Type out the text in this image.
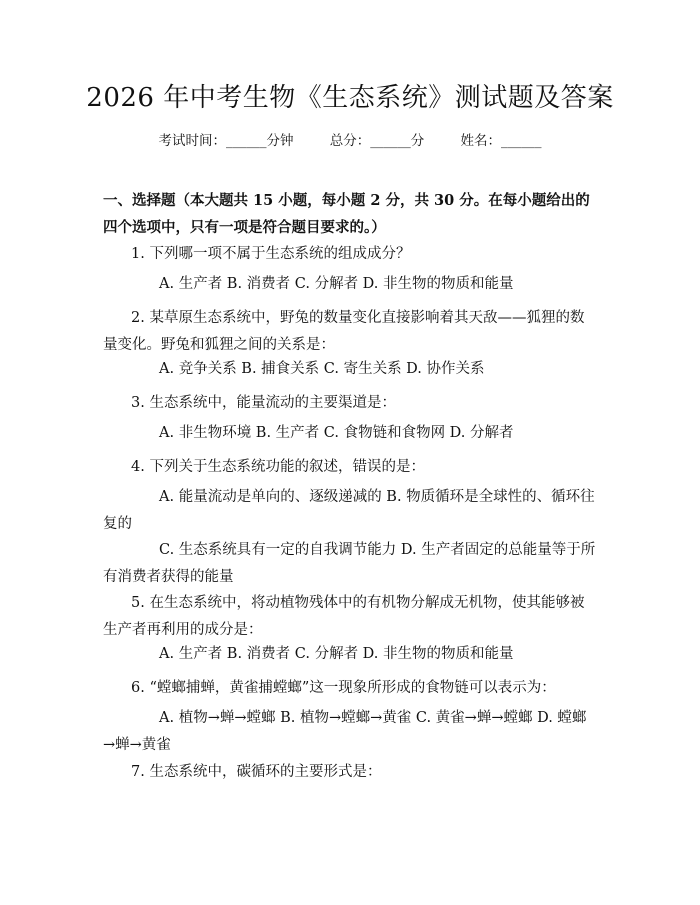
2026 年中考生物《生态系统》测试题及答案
考试时间：______分钟	总分：______分	姓名：______
一、选择题（本大题共 15 小题，每小题 2 分，共 30 分。在每小题给出的四个选项中，只有一项是符合题目要求的。）
1. 下列哪一项不属于生态系统的组成成分？
A. 生产者 B. 消费者 C. 分解者 D. 非生物的物质和能量
2. 某草原生态系统中，野兔的数量变化直接影响着其天敌——狐狸的数量变化。野兔和狐狸之间的关系是：
A. 竞争关系 B. 捕食关系 C. 寄生关系 D. 协作关系
3. 生态系统中，能量流动的主要渠道是：
A. 非生物环境 B. 生产者 C. 食物链和食物网 D. 分解者
4. 下列关于生态系统功能的叙述，错误的是：
A. 能量流动是单向的、逐级递减的 B. 物质循环是全球性的、循环往复的
C. 生态系统具有一定的自我调节能力 D. 生产者固定的总能量等于所有消费者获得的能量
5. 在生态系统中，将动植物残体中的有机物分解成无机物，使其能够被生产者再利用的成分是：
A. 生产者 B. 消费者 C. 分解者 D. 非生物的物质和能量
6. “螳螂捕蝉，黄雀捕螳螂”这一现象所形成的食物链可以表示为：
A. 植物→蝉→螳螂 B. 植物→螳螂→黄雀 C. 黄雀→蝉→螳螂 D. 螳螂→蝉→黄雀
7. 生态系统中，碳循环的主要形式是：
